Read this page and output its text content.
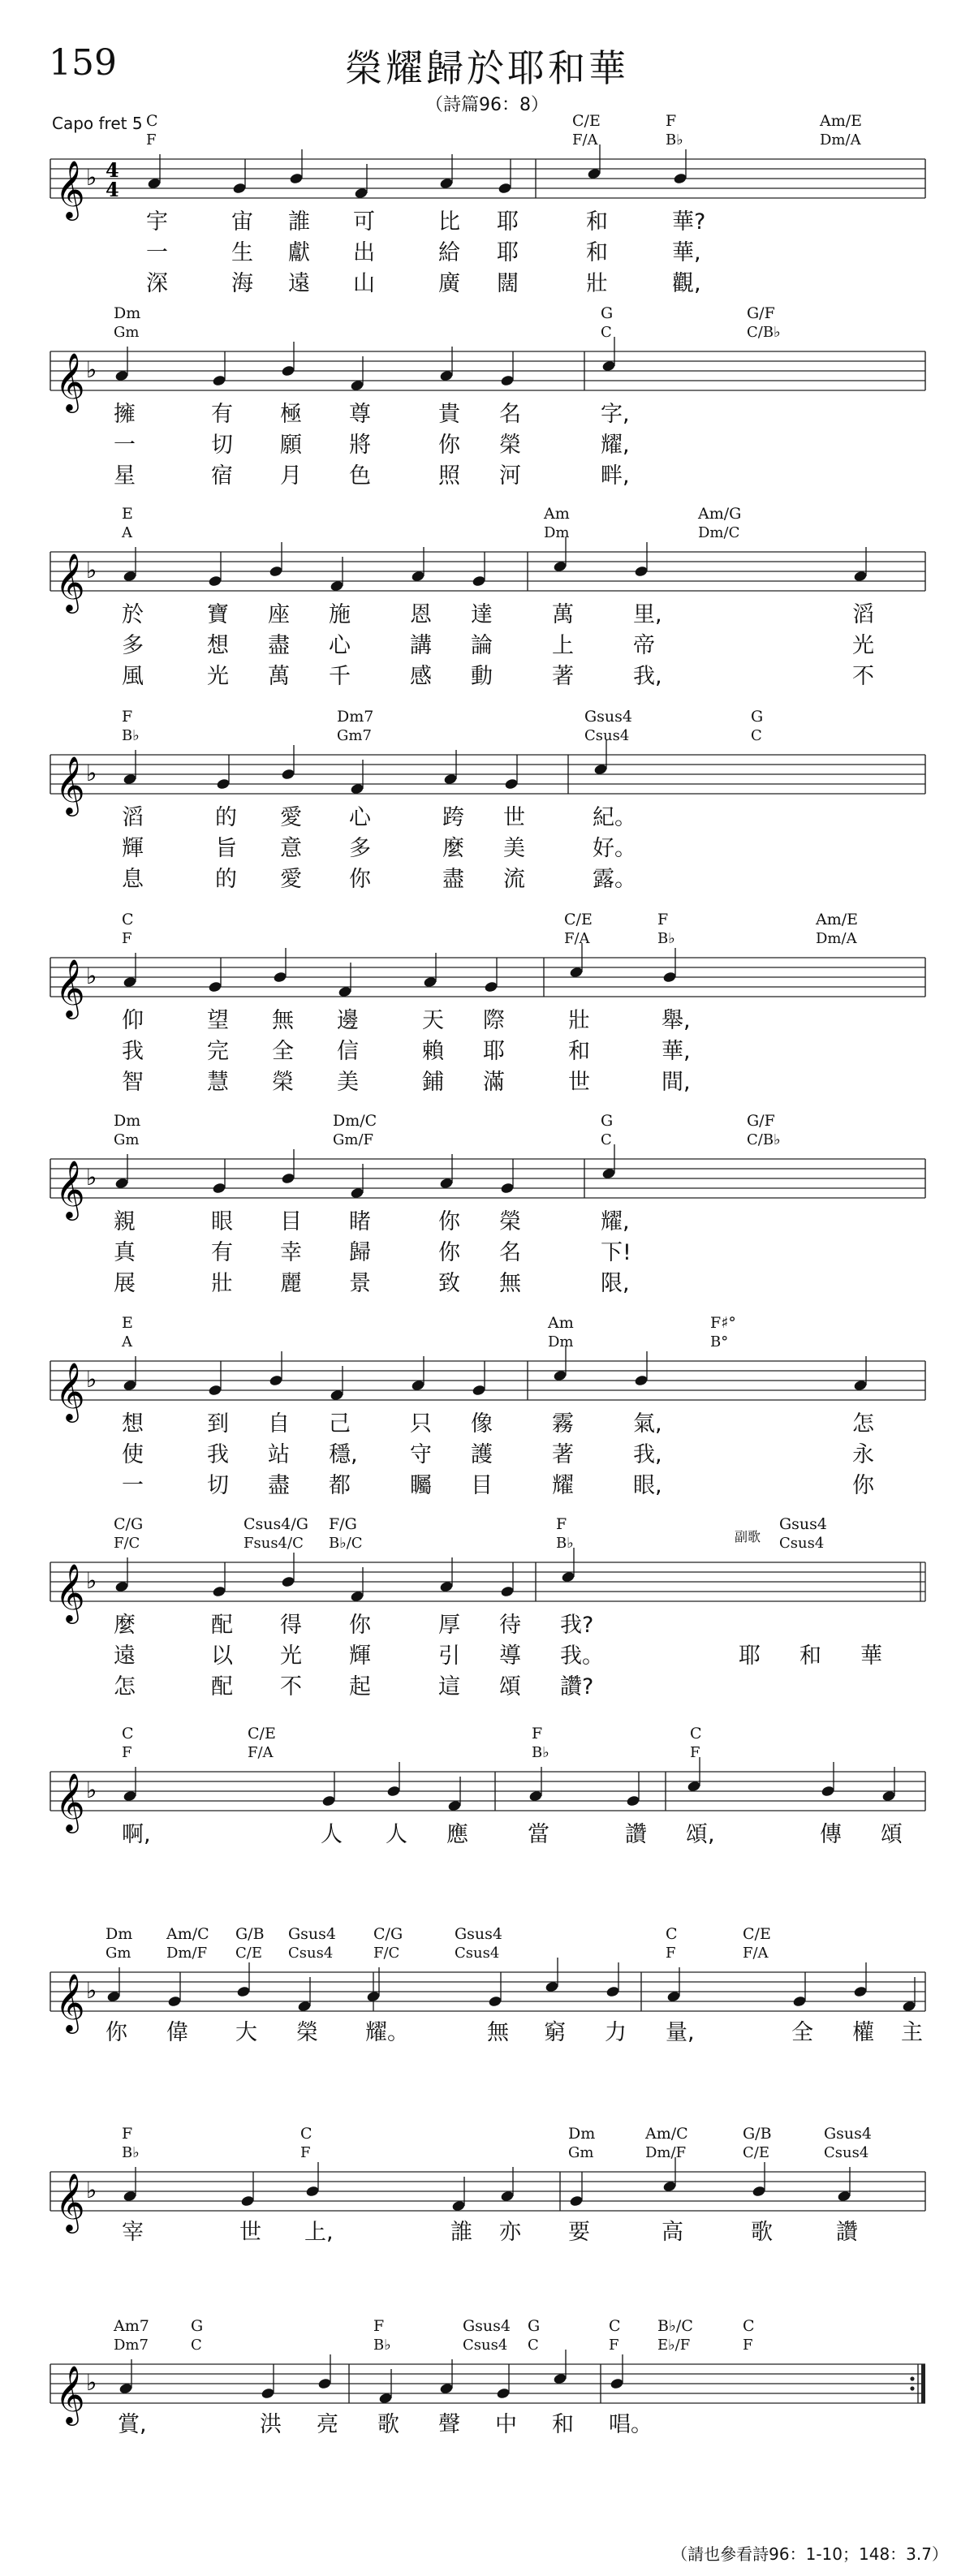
159	榮耀歸於耶和華
（詩篇96：8）
Capo fret 5 C
F
C/E
F/A
F
B♭
Am/E
Dm/A
𝄞 ♭ 4
4
宇	宙 誰 可	比 耶	和	華?
一	生 獻 出	給 耶	和	華,
深	海 遠 山	廣 闊	壯	觀,
Dm
Gm
G
C
G/F
C/B♭
𝄞 ♭
擁	有 極 尊	貴 名	字,
一	切 願 將	你 榮	耀,
星	宿 月 色	照 河	畔,
E
A
Am
Dm
Am/G
Dm/C
𝄞 ♭
於	寶 座 施	恩 達	萬	里,	滔
多	想 盡 心	講 論	上	帝	光
風	光 萬 千	感 動	著	我,	不
F
B♭
Dm7
Gm7
Gsus4
Csus4
G
C
𝄞 ♭
滔	的 愛 心	跨 世	紀。
輝	旨 意 多	麼 美	好。
息	的 愛 你	盡 流	露。
C
F
C/E
F/A
F
B♭
Am/E
Dm/A
𝄞 ♭
仰	望 無 邊	天 際	壯	舉,
我	完 全 信	賴 耶	和	華,
智	慧 榮 美	鋪 滿	世	間,
Dm
Gm
Dm/C
Gm/F
G
C
G/F
C/B♭
𝄞 ♭
親	眼 目 睹	你 榮	耀,
真	有 幸 歸	你 名	下!
展	壯 麗 景	致 無	限,
E
A
Am
Dm
F♯°
B°
𝄞 ♭
想	到 自 己	只 像	霧	氣,	怎
使	我 站 穩, 守 護	著	我,	永
一	切 盡 都	矚 目	耀	眼,	你
C/G
F/C
Csus4/G
Fsus4/C
F/G
B♭/C
F
B♭
Gsus4
Csus4
副歌
𝄞 ♭
麼	配 得 你	厚 待 我?
遠	以 光 輝	引 導 我。	耶 和 華
怎	配 不 起	這 頌 讚?
C
F
C/E
F/A
F
B♭
C
F
𝄞 ♭
啊,	人 人 應	當	讚 頌,	傳 頌
Dm
Gm
Am/C
Dm/F
G/B
C/E
Gsus4
Csus4
C/G
F/C
Gsus4
Csus4
C
F
C/E
F/A
𝄞 ♭
你 偉 大 榮 耀。	無 窮 力 量,	全 權 主
F
B♭
C
F
Dm
Gm
Am/C
Dm/F
G/B
C/E
Gsus4
Csus4
𝄞 ♭
宰	世 上,	誰 亦 要	高	歌	讚
Am7
Dm7
G
C
F
B♭
Gsus4
Csus4
G
C
C
F
B♭/C
E♭/F
C
F
𝄞 ♭
賞,	洪 亮 歌 聲 中 和 唱。
（請也參看詩96：1-10；148：3.7）
